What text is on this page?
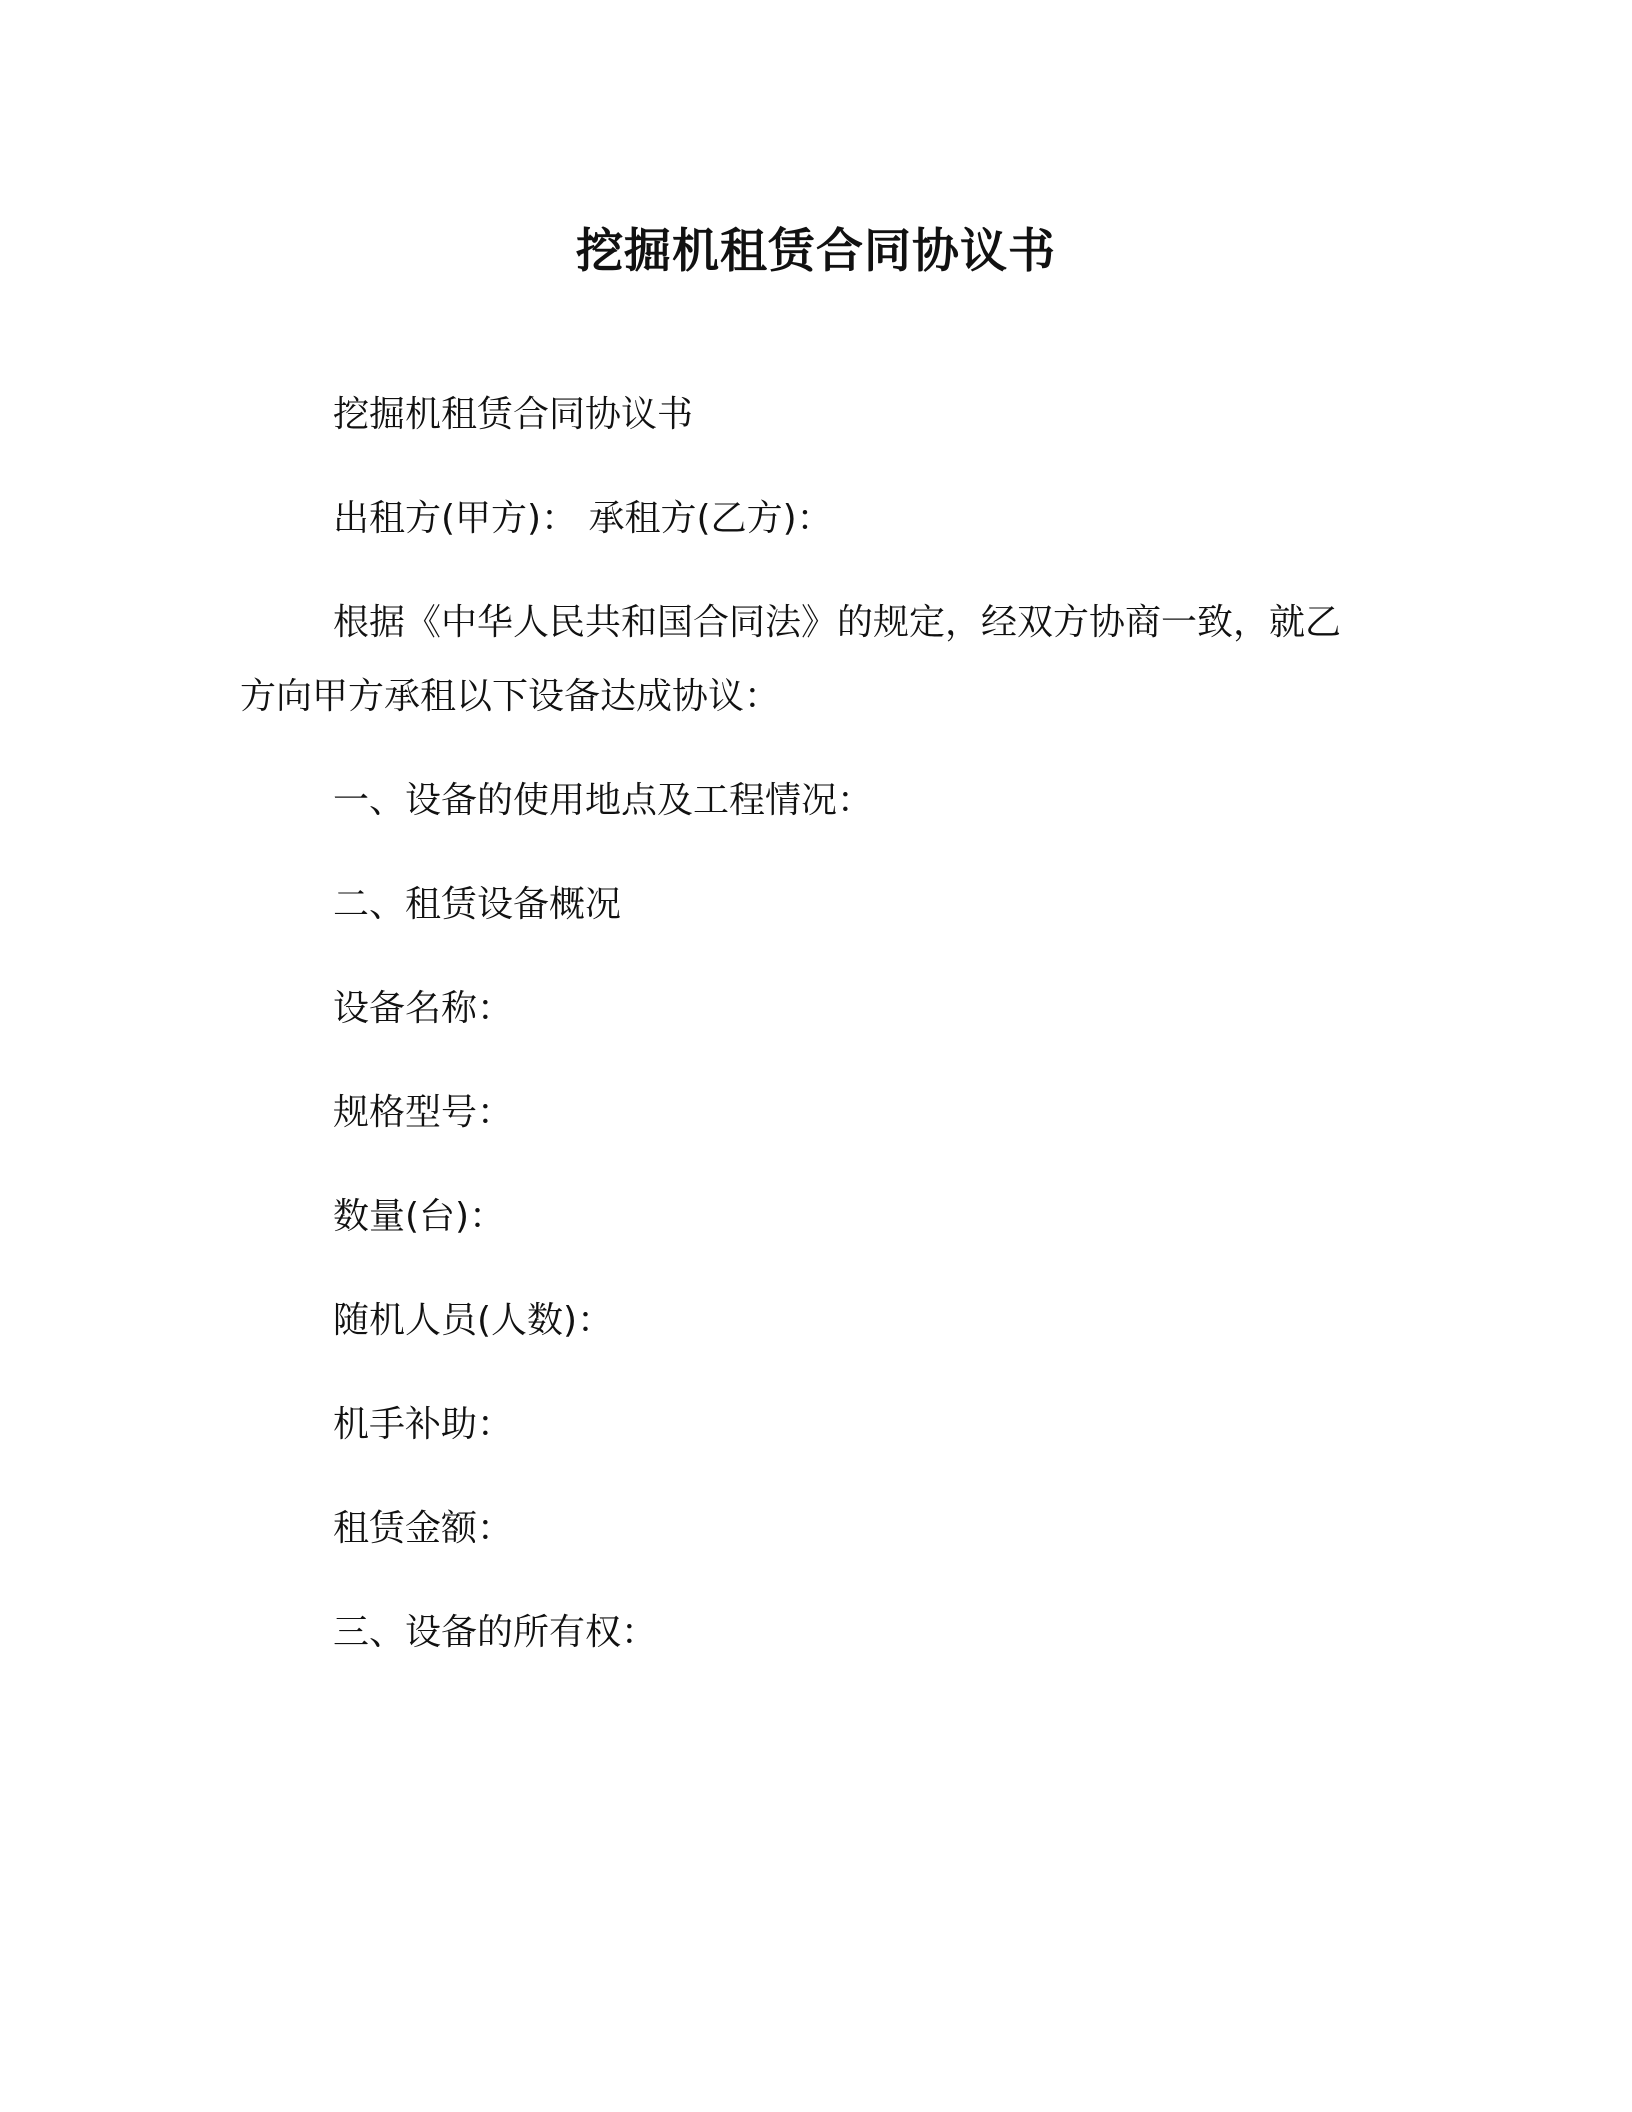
挖掘机租赁合同协议书

挖掘机租赁合同协议书

出租方(甲方)： 承租方(乙方)：

根据《中华人民共和国合同法》的规定，经双方协商一致，就乙方向甲方承租以下设备达成协议：

一、设备的使用地点及工程情况：

二、租赁设备概况

设备名称：

规格型号：

数量(台)：

随机人员(人数)：

机手补助：

租赁金额：

三、设备的所有权：
